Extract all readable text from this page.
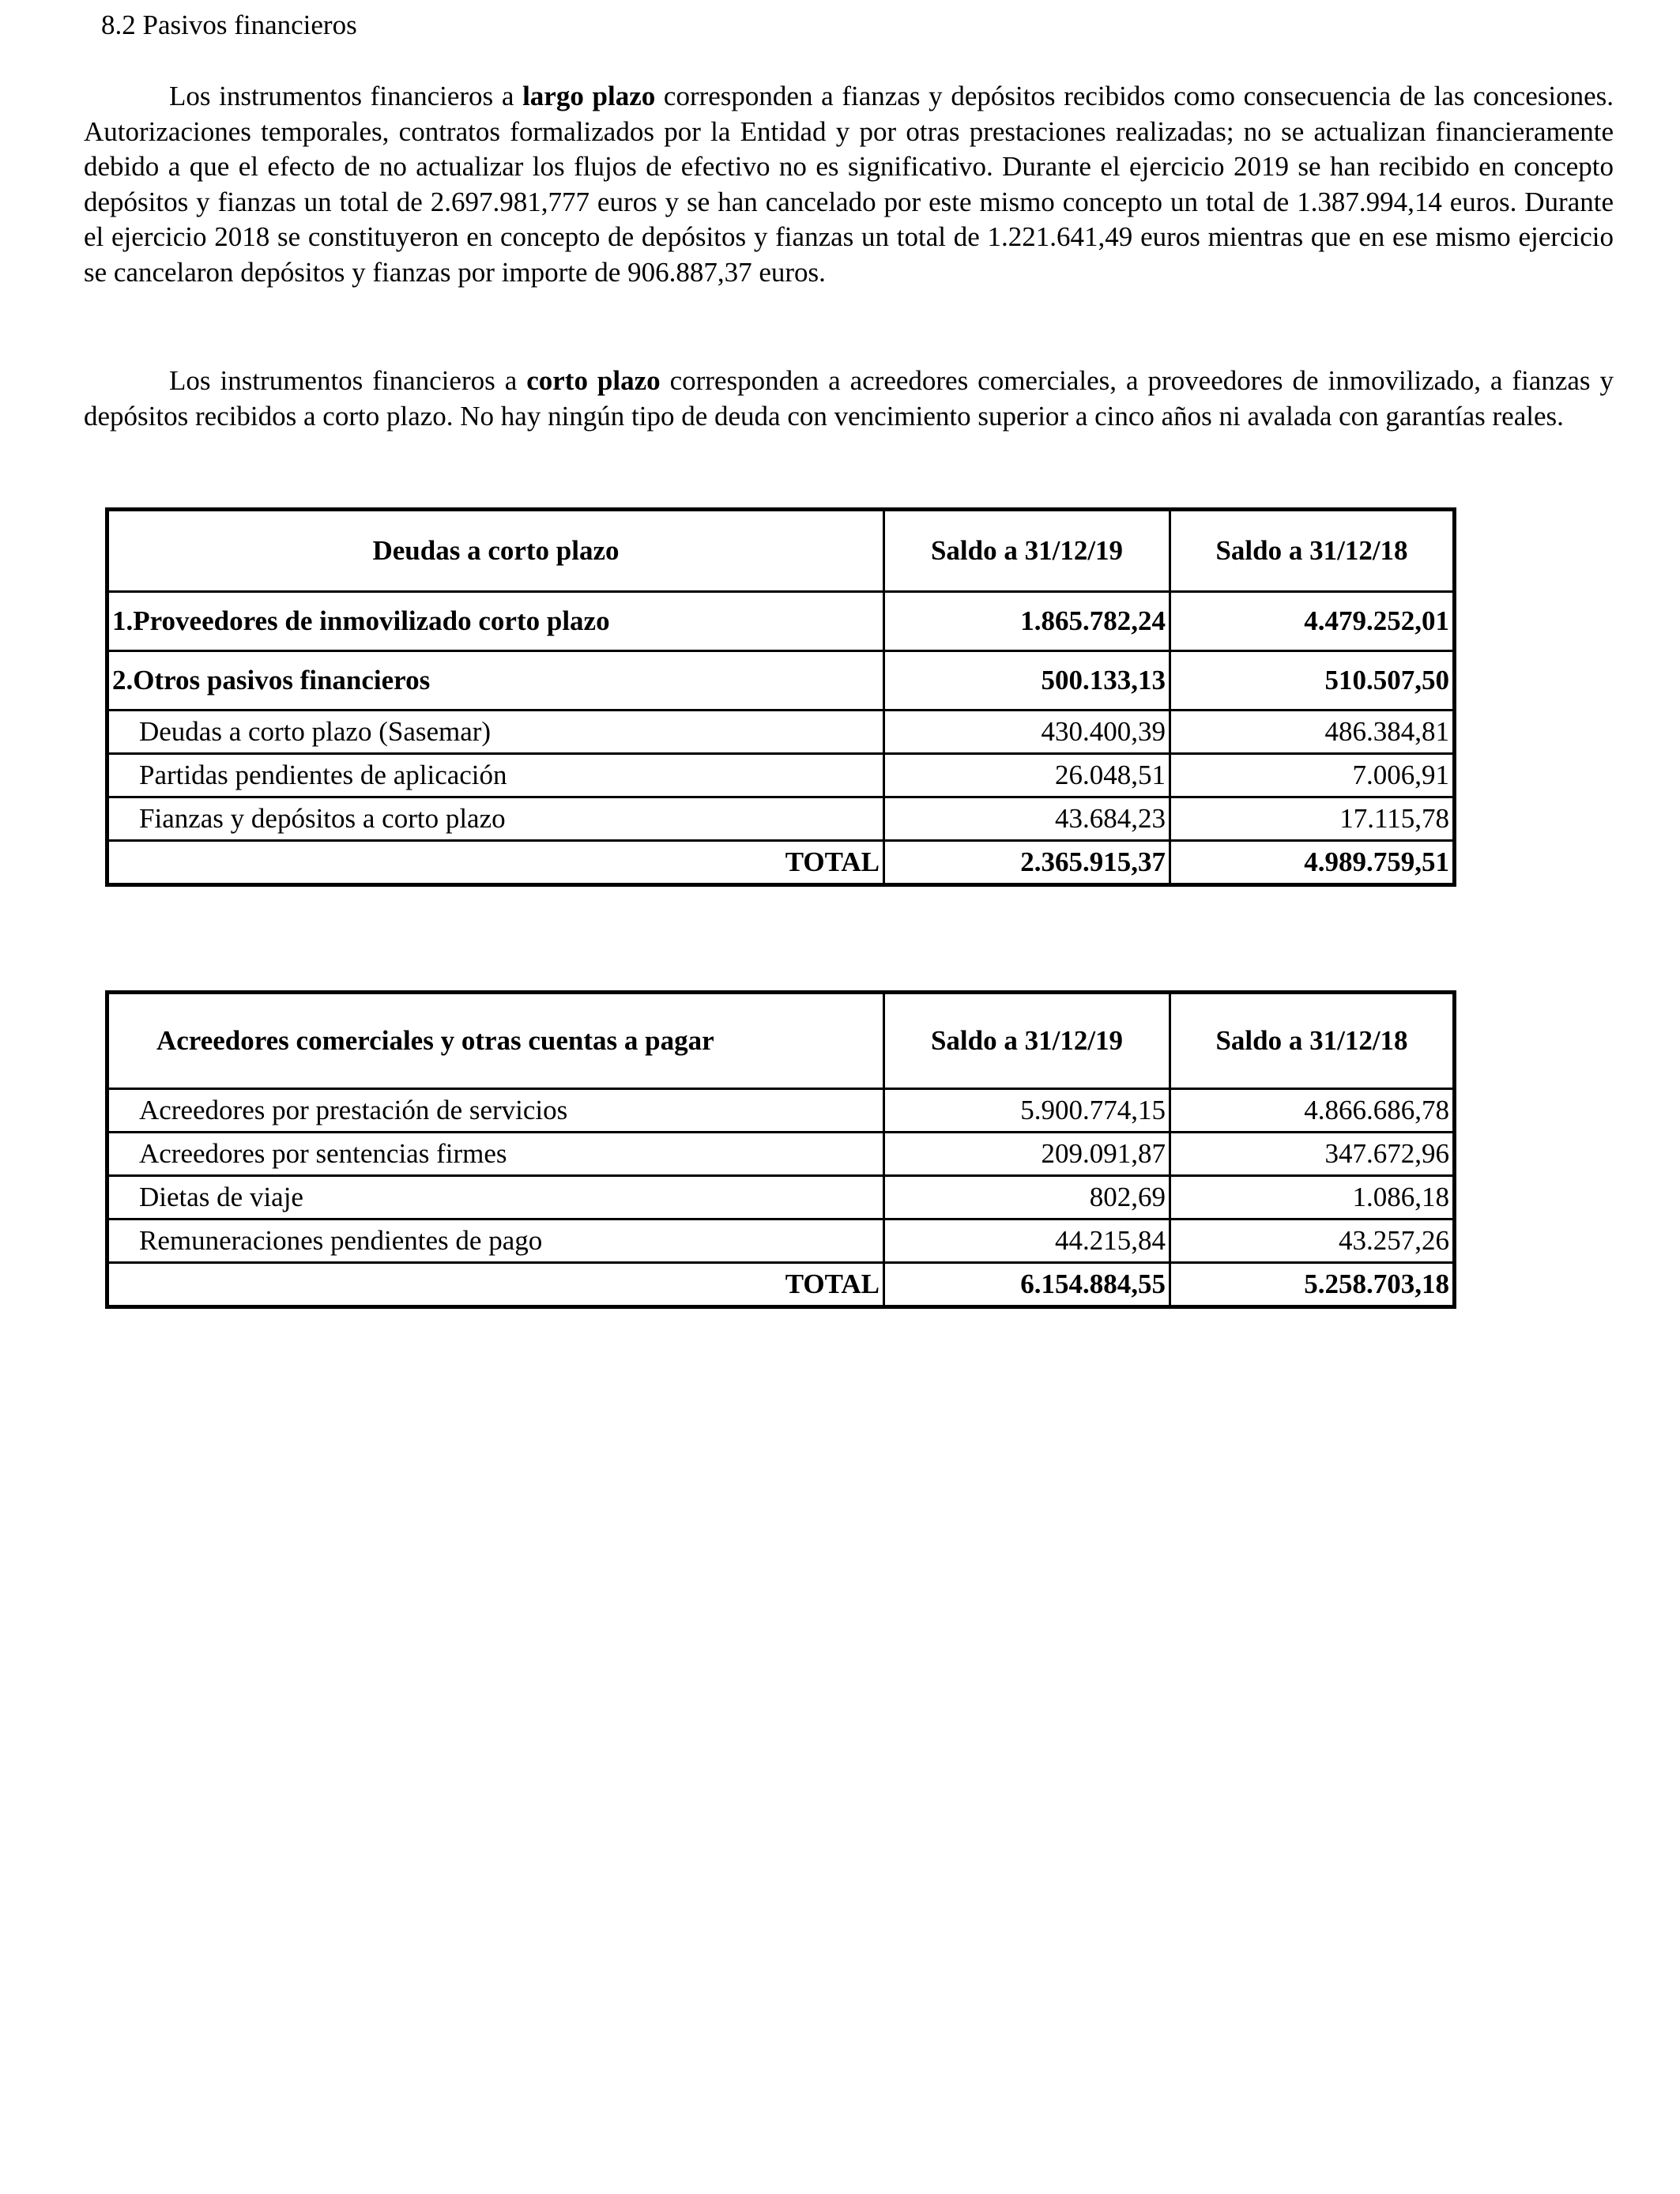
8.2 Pasivos financieros

Los instrumentos financieros a largo plazo corresponden a fianzas y depósitos recibidos como consecuencia de las concesiones. Autorizaciones temporales, contratos formalizados por la Entidad y por otras prestaciones realizadas; no se actualizan financieramente debido a que el efecto de no actualizar los flujos de efectivo no es significativo. Durante el ejercicio 2019 se han recibido en concepto depósitos y fianzas un total de 2.697.981,777 euros y se han cancelado por este mismo concepto un total de 1.387.994,14 euros. Durante el ejercicio 2018 se constituyeron en concepto de depósitos y fianzas un total de 1.221.641,49 euros mientras que en ese mismo ejercicio se cancelaron depósitos y fianzas por importe de 906.887,37 euros.

Los instrumentos financieros a corto plazo corresponden a acreedores comerciales, a proveedores de inmovilizado, a fianzas y depósitos recibidos a corto plazo. No hay ningún tipo de deuda con vencimiento superior a cinco años ni avalada con garantías reales.

Deudas a corto plazo	Saldo a 31/12/19	Saldo a 31/12/18
1.Proveedores de inmovilizado corto plazo	1.865.782,24	4.479.252,01
2.Otros pasivos financieros	500.133,13	510.507,50
Deudas a corto plazo (Sasemar)	430.400,39	486.384,81
Partidas pendientes de aplicación	26.048,51	7.006,91
Fianzas y depósitos a corto plazo	43.684,23	17.115,78
TOTAL	2.365.915,37	4.989.759,51
Acreedores comerciales y otras cuentas a pagar	Saldo a 31/12/19	Saldo a 31/12/18
Acreedores por prestación de servicios	5.900.774,15	4.866.686,78
Acreedores por sentencias firmes	209.091,87	347.672,96
Dietas de viaje	802,69	1.086,18
Remuneraciones pendientes de pago	44.215,84	43.257,26
TOTAL	6.154.884,55	5.258.703,18
